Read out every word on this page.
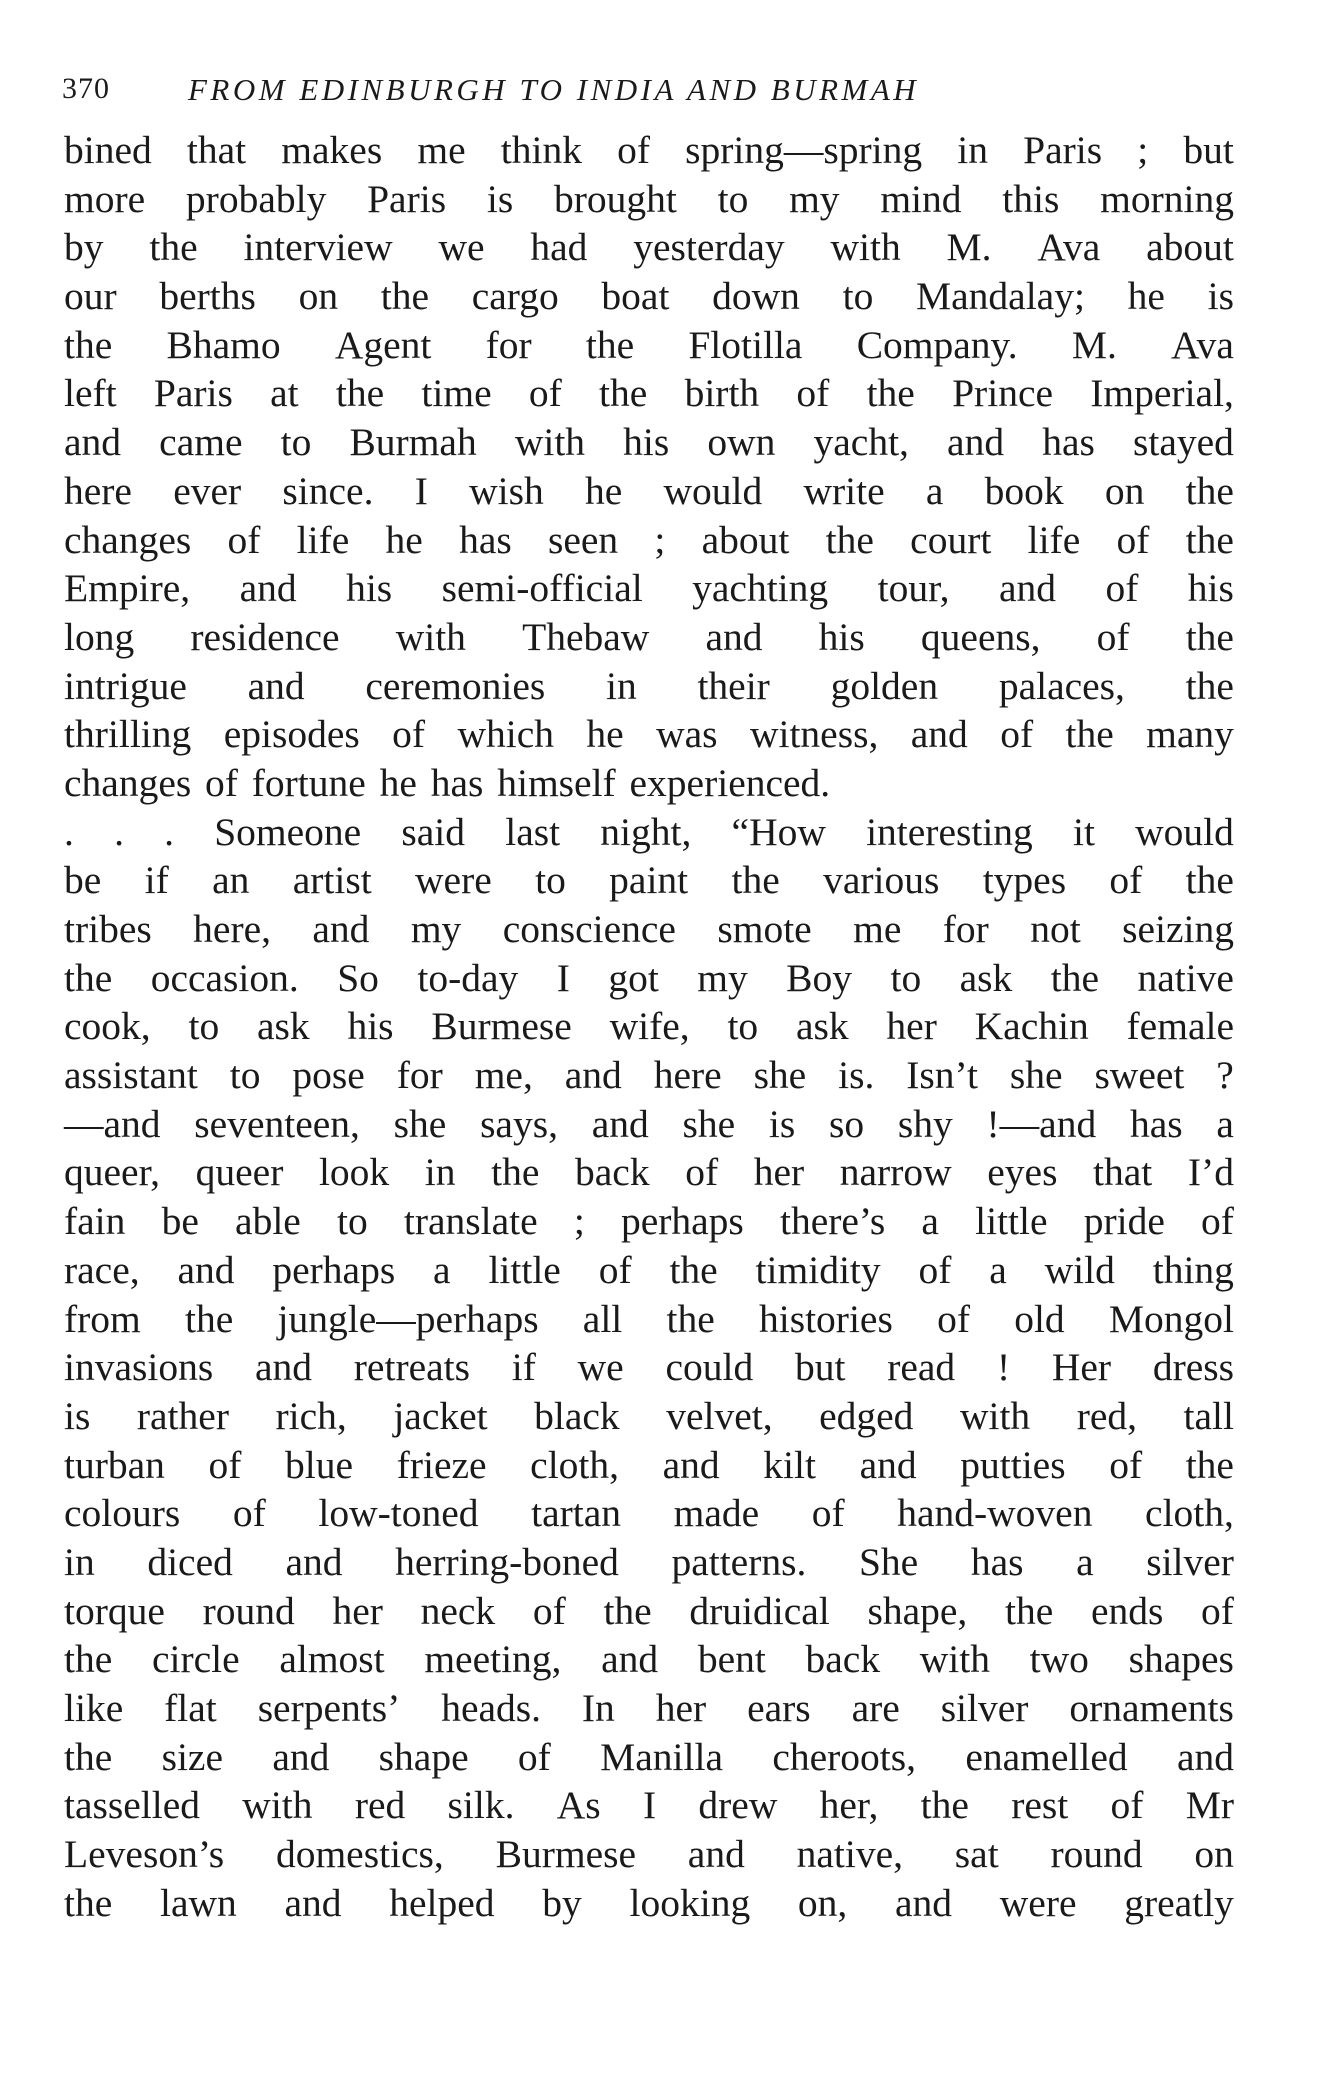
370	FROM EDINBURGH TO INDIA AND BURMAH
bined that makes me think of spring—spring in Paris ; but
more probably Paris is brought to my mind this morning
by the interview we had yesterday with M. Ava about
our berths on the cargo boat down to Mandalay; he is
the Bhamo Agent for the Flotilla Company. M. Ava
left Paris at the time of the birth of the Prince Imperial,
and came to Burmah with his own yacht, and has stayed
here ever since. I wish he would write a book on the
changes of life he has seen ; about the court life of the
Empire, and his semi-official yachting tour, and of his
long residence with Thebaw and his queens, of the
intrigue and ceremonies in their golden palaces, the
thrilling episodes of which he was witness, and of the many
changes of fortune he has himself experienced.
. . . Someone said last night, “How interesting it would
be if an artist were to paint the various types of the
tribes here, and my conscience smote me for not seizing
the occasion. So to-day I got my Boy to ask the native
cook, to ask his Burmese wife, to ask her Kachin female
assistant to pose for me, and here she is. Isn’t she sweet ?
—and seventeen, she says, and she is so shy !—and has a
queer, queer look in the back of her narrow eyes that I’d
fain be able to translate ; perhaps there’s a little pride of
race, and perhaps a little of the timidity of a wild thing
from the jungle—perhaps all the histories of old Mongol
invasions and retreats if we could but read ! Her dress
is rather rich, jacket black velvet, edged with red, tall
turban of blue frieze cloth, and kilt and putties of the
colours of low-toned tartan made of hand-woven cloth,
in diced and herring-boned patterns. She has a silver
torque round her neck of the druidical shape, the ends of
the circle almost meeting, and bent back with two shapes
like flat serpents’ heads. In her ears are silver ornaments
the size and shape of Manilla cheroots, enamelled and
tasselled with red silk. As I drew her, the rest of Mr
Leveson’s domestics, Burmese and native, sat round on
the lawn and helped by looking on, and were greatly
